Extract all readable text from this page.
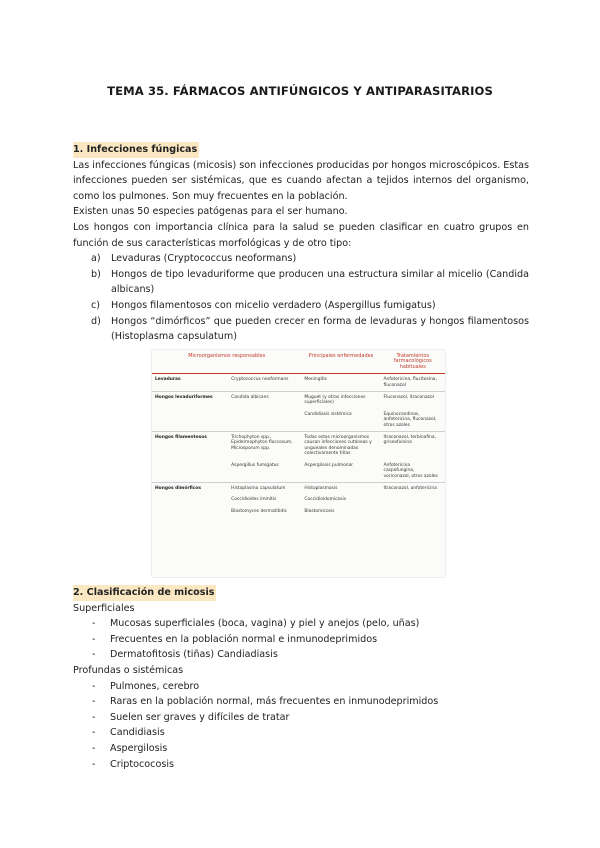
TEMA 35. FÁRMACOS ANTIFÚNGICOS Y ANTIPARASITARIOS
1. Infecciones fúngicas

Las infecciones fúngicas (micosis) son infecciones producidas por hongos microscópicos. Estas infecciones pueden ser sistémicas, que es cuando afectan a tejidos internos del organismo, como los pulmones. Son muy frecuentes en la población.

Existen unas 50 especies patógenas para el ser humano.

Los hongos con importancia clínica para la salud se pueden clasificar en cuatro grupos en función de sus características morfológicas y de otro tipo:

a) Levaduras (Cryptococcus neoformans)
b) Hongos de tipo levaduriforme que producen una estructura similar al micelio (Candida albicans)
c) Hongos filamentosos con micelio verdadero (Aspergillus fumigatus)
d) Hongos “dimórficos” que pueden crecer en forma de levaduras y hongos filamentosos (Histoplasma capsulatum)
Microorganismos responsables		Principales enfermedades	Tratamientos farmacológicos habituales
Levaduras	Cryptococcus neoformans	Meningitis	Anfotericina, flucitosina, fluconazol
Hongos levaduriformes	Candida albicans	Muguet (y otras infecciones superficiales)	Fluconazol, itraconazol
		Candidiasis sistémica	Equinocandinas, anfotericina, fluconazol, otros azoles
Hongos filamentosos	Trichophyton spp., Epidermophyton floccosum, Microsporum spp.	Todas estas microorganismos causan infecciones cutáneas y ungueales denominadas colectivamente tiñas	Itraconazol, terbinafina, griseofulvina
	Aspergillus fumigatus	Aspergilosis pulmonar	Anfotericina caspofungina, voriconazol, otros azoles
Hongos dimórficos	Histoplasma capsulatum	Histoplasmosis	Itraconazol, anfotericina
	Coccidioides immitis	Coccidioidomicosis	
	Blastomyces dermatitidis	Blastomicosis	
2. Clasificación de micosis

Superficiales

- Mucosas superficiales (boca, vagina) y piel y anejos (pelo, uñas)
- Frecuentes en la población normal e inmunodeprimidos
- Dermatofitosis (tiñas) Candiadiasis

Profundas o sistémicas

- Pulmones, cerebro
- Raras en la población normal, más frecuentes en inmunodeprimidos
- Suelen ser graves y difíciles de tratar
- Candidiasis
- Aspergilosis
- Criptococosis
